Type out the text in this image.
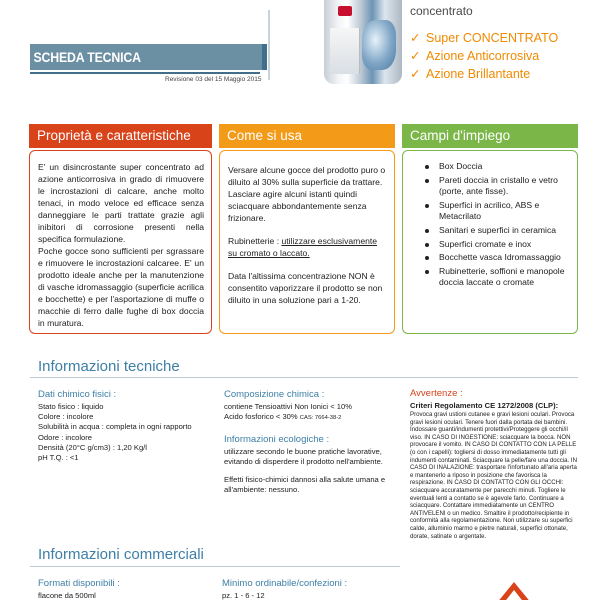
SCHEDA TECNICA
Revisione 03 del 15 Maggio 2015
concentrato
✓ Super CONCENTRATO
✓ Azione Anticorrosiva
✓ Azione Brillantante
Proprietà e caratteristiche

E' un disincrostante super concentrato ad azione anticorrosiva in grado di rimuovere le incrostazioni di calcare, anche molto tenaci, in modo veloce ed efficace senza danneggiare le parti trattate grazie agli inibitori di corrosione presenti nella specifica formulazione.

Poche gocce sono sufficienti per sgrassare e rimuovere le incrostazioni calcaree. E' un prodotto ideale anche per la manutenzione di vasche idromassaggio (superficie acrilica e bocchette) e per l'asportazione di muffe o macchie di ferro dalle fughe di box doccia in muratura.

Come si usa

Versare alcune gocce del prodotto puro o diluito al 30% sulla superficie da trattare. Lasciare agire alcuni istanti quindi sciacquare abbondantemente senza frizionare.

Rubinetterie : utilizzare esclusivamente su cromato o laccato.

Data l'altissima concentrazione NON è consentito vaporizzare il prodotto se non diluito in una soluzione pari a 1-20.

Campi d'impiego
Box Doccia
Pareti doccia in cristallo e vetro (porte, ante fisse).
Superfici in acrilico, ABS e Metacrilato
Sanitari e superfici in ceramica
Superfici cromate e inox
Bocchette vasca Idromassaggio
Rubinetterie, soffioni e manopole doccia laccate o cromate
Informazioni tecniche
Dati chimico fisici :
Stato fisico : liquido
Colore : incolore
Solubilità in acqua : completa in ogni rapporto
Odore : incolore
Densità (20°C g/cm3) : 1,20 Kg/l
pH T.Q. : <1
Composizione chimica :
contiene Tensioattivi Non Ionici < 10%
Acido fosforico < 30% CAS: 7664-38-2
Informazioni ecologiche :
utilizzare secondo le buone pratiche lavorative, evitando di disperdere il prodotto nell'ambiente.
Effetti fisico-chimici dannosi alla salute umana e all'ambiente: nessuno.
Avvertenze :
Criteri Regolamento CE 1272/2008 (CLP):
Provoca gravi ustioni cutanee e gravi lesioni oculari. Provoca gravi lesioni oculari. Tenere fuori dalla portata dei bambini. Indossare guanti/indumenti protettivi/Proteggere gli occhi/il viso. IN CASO DI INGESTIONE: sciacquare la bocca. NON provocare il vomito. IN CASO DI CONTATTO CON LA PELLE (o con i capelli): togliersi di dosso immediatamente tutti gli indumenti contaminati. Sciacquare la pelle/fare una doccia. IN CASO DI INALAZIONE: trasportare l'infortunato all'aria aperta e mantenerlo a riposo in posizione che favorisca la respirazione. IN CASO DI CONTATTO CON GLI OCCHI: sciacquare accuratamente per parecchi minuti. Togliere le eventuali lenti a contatto se è agevole farlo. Continuare a sciacquare. Contattare immediatamente un CENTRO ANTIVELENI o un medico. Smaltire il prodotto/recipiente in conformità alla regolamentazione. Non utilizzare su superfici calde, alluminio marmo e pietre naturali, superfici ottonate, dorate, satinate o argentate.
Informazioni commerciali
Formati disponibili :
flacone da 500ml
Minimo ordinabile/confezioni :
pz. 1 - 6 - 12
